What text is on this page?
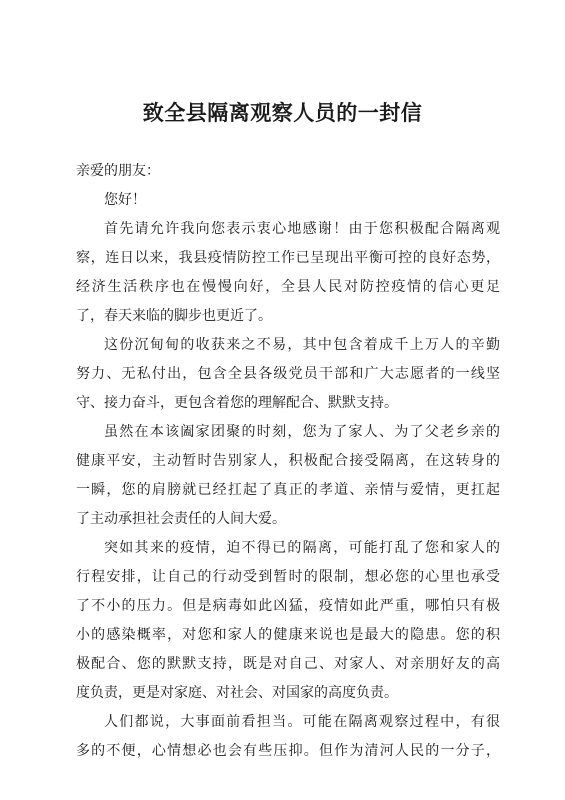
致全县隔离观察人员的一封信

亲爱的朋友：

您好！

首先请允许我向您表示衷心地感谢！由于您积极配合隔离观
察，连日以来，我县疫情防控工作已呈现出平衡可控的良好态势，
经济生活秩序也在慢慢向好，全县人民对防控疫情的信心更足
了，春天来临的脚步也更近了。
这份沉甸甸的收获来之不易，其中包含着成千上万人的辛勤
努力、无私付出，包含全县各级党员干部和广大志愿者的一线坚
守、接力奋斗，更包含着您的理解配合、默默支持。
虽然在本该阖家团聚的时刻，您为了家人、为了父老乡亲的
健康平安，主动暂时告别家人，积极配合接受隔离，在这转身的
一瞬，您的肩膀就已经扛起了真正的孝道、亲情与爱情，更扛起
了主动承担社会责任的人间大爱。
突如其来的疫情，迫不得已的隔离，可能打乱了您和家人的
行程安排，让自己的行动受到暂时的限制，想必您的心里也承受
了不小的压力。但是病毒如此凶猛，疫情如此严重，哪怕只有极
小的感染概率，对您和家人的健康来说也是最大的隐患。您的积
极配合、您的默默支持，既是对自己、对家人、对亲朋好友的高
度负责，更是对家庭、对社会、对国家的高度负责。
人们都说，大事面前看担当。可能在隔离观察过程中，有很
多的不便，心情想必也会有些压抑。但作为清河人民的一分子，
